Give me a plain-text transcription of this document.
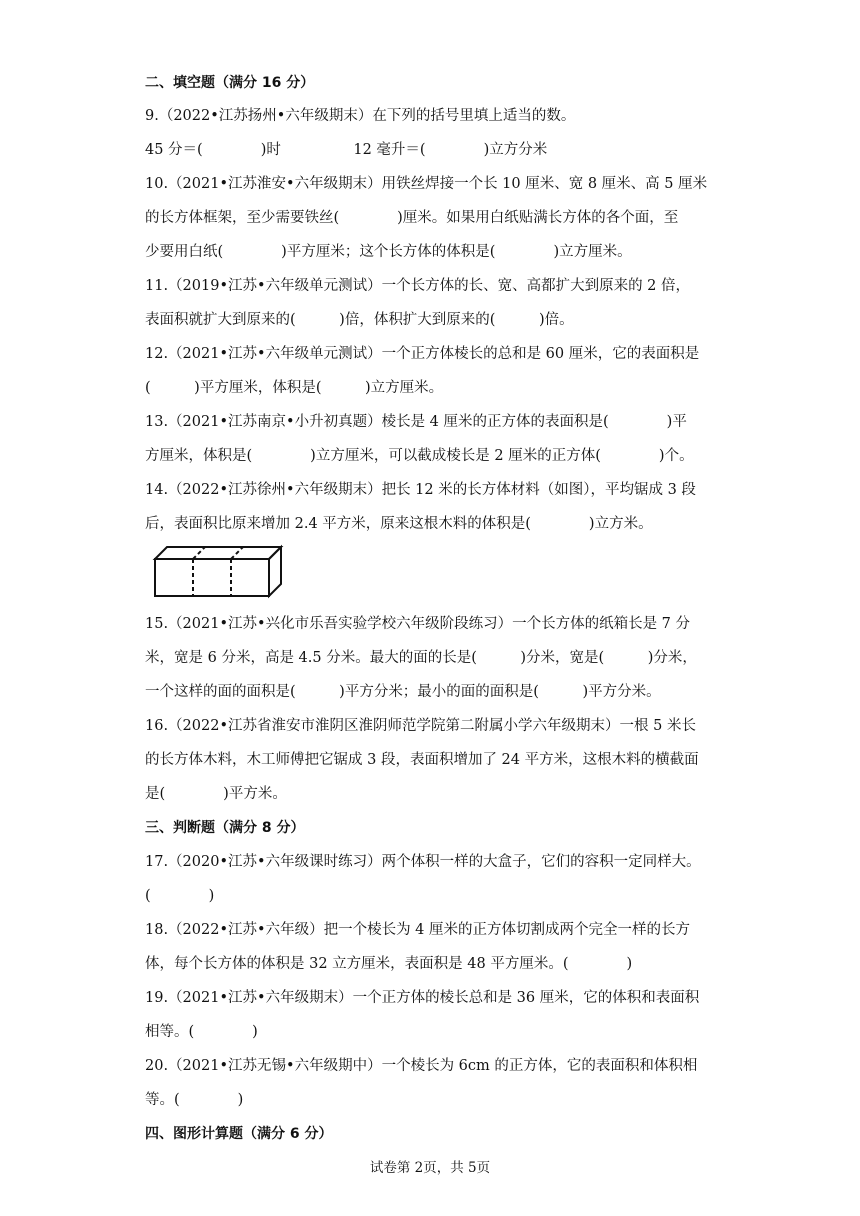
二、填空题（满分 16 分）
9.（2022•江苏扬州•六年级期末）在下列的括号里填上适当的数。
45 分＝(　　　　)时　　　　　12 毫升＝(　　　　)立方分米
10.（2021•江苏淮安•六年级期末）用铁丝焊接一个长 10 厘米、宽 8 厘米、高 5 厘米
的长方体框架，至少需要铁丝(　　　　)厘米。如果用白纸贴满长方体的各个面，至
少要用白纸(　　　　)平方厘米；这个长方体的体积是(　　　　)立方厘米。
11.（2019•江苏•六年级单元测试）一个长方体的长、宽、高都扩大到原来的 2 倍，
表面积就扩大到原来的(　　　)倍，体积扩大到原来的(　　　)倍。
12.（2021•江苏•六年级单元测试）一个正方体棱长的总和是 60 厘米，它的表面积是
(　　　)平方厘米，体积是(　　　)立方厘米。
13.（2021•江苏南京•小升初真题）棱长是 4 厘米的正方体的表面积是(　　　　)平
方厘米，体积是(　　　　)立方厘米，可以截成棱长是 2 厘米的正方体(　　　　)个。
14.（2022•江苏徐州•六年级期末）把长 12 米的长方体材料（如图），平均锯成 3 段
后，表面积比原来增加 2.4 平方米，原来这根木料的体积是(　　　　)立方米。
15.（2021•江苏•兴化市乐吾实验学校六年级阶段练习）一个长方体的纸箱长是 7 分
米，宽是 6 分米，高是 4.5 分米。最大的面的长是(　　　)分米，宽是(　　　)分米，
一个这样的面的面积是(　　　)平方分米；最小的面的面积是(　　　)平方分米。
16.（2022•江苏省淮安市淮阴区淮阴师范学院第二附属小学六年级期末）一根 5 米长
的长方体木料，木工师傅把它锯成 3 段，表面积增加了 24 平方米，这根木料的横截面
是(　　　　)平方米。
三、判断题（满分 8 分）
17.（2020•江苏•六年级课时练习）两个体积一样的大盒子，它们的容积一定同样大。
(　　　　)
18.（2022•江苏•六年级）把一个棱长为 4 厘米的正方体切割成两个完全一样的长方
体，每个长方体的体积是 32 立方厘米，表面积是 48 平方厘米。(　　　　)
19.（2021•江苏•六年级期末）一个正方体的棱长总和是 36 厘米，它的体积和表面积
相等。(　　　　)
20.（2021•江苏无锡•六年级期中）一个棱长为 6cm 的正方体，它的表面积和体积相
等。(　　　　)
四、图形计算题（满分 6 分）
试卷第 2页，共 5页
